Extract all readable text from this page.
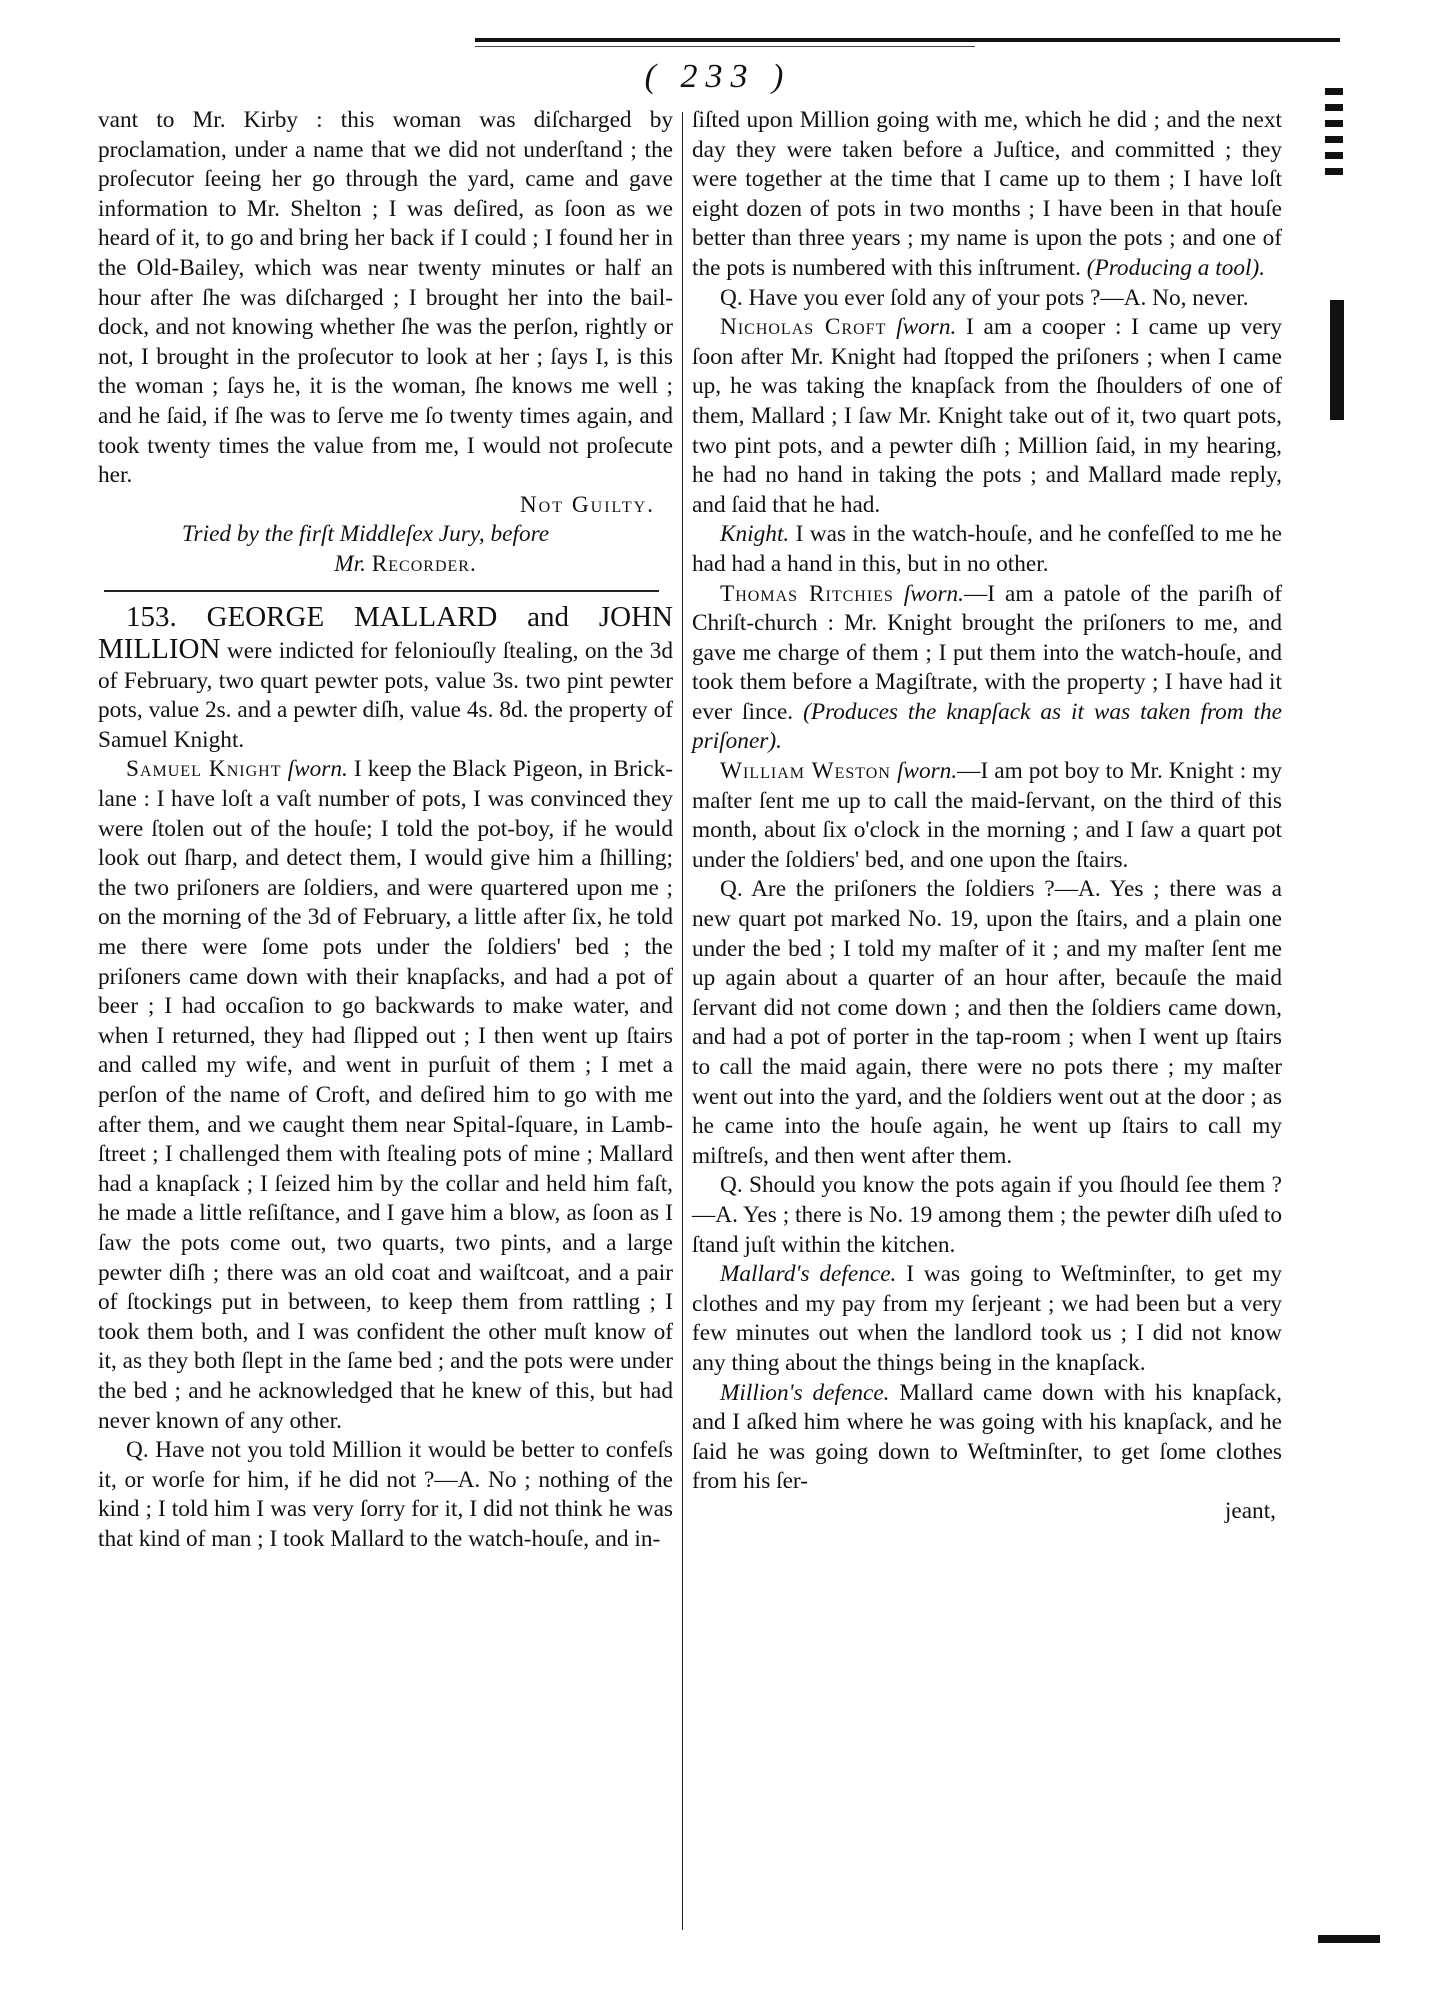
( 233 )

vant to Mr. Kirby : this woman was diſcharged by proclamation, under a name that we did not underſtand ; the proſecutor ſeeing her go through the yard, came and gave information to Mr. Shelton ; I was deſired, as ſoon as we heard of it, to go and bring her back if I could ; I found her in the Old-Bailey, which was near twenty minutes or half an hour after ſhe was diſcharged ; I brought her into the bail-dock, and not knowing whether ſhe was the perſon, rightly or not, I brought in the proſecutor to look at her ; ſays I, is this the woman ; ſays he, it is the woman, ſhe knows me well ; and he ſaid, if ſhe was to ſerve me ſo twenty times again, and took twenty times the value from me, I would not proſecute her.

Not Guilty.

Tried by the firſt Middleſex Jury, before

Mr. Recorder.

153. GEORGE MALLARD and JOHN MILLION were indicted for feloniouſly ſtealing, on the 3d of February, two quart pewter pots, value 3s. two pint pewter pots, value 2s. and a pewter diſh, value 4s. 8d. the property of Samuel Knight.

Samuel Knight ſworn. I keep the Black Pigeon, in Brick-lane : I have loſt a vaſt number of pots, I was convinced they were ſtolen out of the houſe; I told the pot-boy, if he would look out ſharp, and detect them, I would give him a ſhilling; the two priſoners are ſoldiers, and were quartered upon me ; on the morning of the 3d of February, a little after ſix, he told me there were ſome pots under the ſoldiers' bed ; the priſoners came down with their knapſacks, and had a pot of beer ; I had occaſion to go backwards to make water, and when I returned, they had ſlipped out ; I then went up ſtairs and called my wife, and went in purſuit of them ; I met a perſon of the name of Croft, and deſired him to go with me after them, and we caught them near Spital-ſquare, in Lamb-ſtreet ; I challenged them with ſtealing pots of mine ; Mallard had a knapſack ; I ſeized him by the collar and held him faſt, he made a little reſiſtance, and I gave him a blow, as ſoon as I ſaw the pots come out, two quarts, two pints, and a large pewter diſh ; there was an old coat and waiſtcoat, and a pair of ſtockings put in between, to keep them from rattling ; I took them both, and I was confident the other muſt know of it, as they both ſlept in the ſame bed ; and the pots were under the bed ; and he acknowledged that he knew of this, but had never known of any other.

Q. Have not you told Million it would be better to confeſs it, or worſe for him, if he did not ?—A. No ; nothing of the kind ; I told him I was very ſorry for it, I did not think he was that kind of man ; I took Mallard to the watch-houſe, and in-

ſiſted upon Million going with me, which he did ; and the next day they were taken before a Juſtice, and committed ; they were together at the time that I came up to them ; I have loſt eight dozen of pots in two months ; I have been in that houſe better than three years ; my name is upon the pots ; and one of the pots is numbered with this inſtrument. (Producing a tool).

Q. Have you ever ſold any of your pots ?—A. No, never.

Nicholas Croft ſworn. I am a cooper : I came up very ſoon after Mr. Knight had ſtopped the priſoners ; when I came up, he was taking the knapſack from the ſhoulders of one of them, Mallard ; I ſaw Mr. Knight take out of it, two quart pots, two pint pots, and a pewter diſh ; Million ſaid, in my hearing, he had no hand in taking the pots ; and Mallard made reply, and ſaid that he had.

Knight. I was in the watch-houſe, and he confeſſed to me he had had a hand in this, but in no other.

Thomas Ritchies ſworn.—I am a patole of the pariſh of Chriſt-church : Mr. Knight brought the priſoners to me, and gave me charge of them ; I put them into the watch-houſe, and took them before a Magiſtrate, with the property ; I have had it ever ſince. (Produces the knapſack as it was taken from the priſoner).

William Weston ſworn.—I am pot boy to Mr. Knight : my maſter ſent me up to call the maid-ſervant, on the third of this month, about ſix o'clock in the morning ; and I ſaw a quart pot under the ſoldiers' bed, and one upon the ſtairs.

Q. Are the priſoners the ſoldiers ?—A. Yes ; there was a new quart pot marked No. 19, upon the ſtairs, and a plain one under the bed ; I told my maſter of it ; and my maſter ſent me up again about a quarter of an hour after, becauſe the maid ſervant did not come down ; and then the ſoldiers came down, and had a pot of porter in the tap-room ; when I went up ſtairs to call the maid again, there were no pots there ; my maſter went out into the yard, and the ſoldiers went out at the door ; as he came into the houſe again, he went up ſtairs to call my miſtreſs, and then went after them.

Q. Should you know the pots again if you ſhould ſee them ?—A. Yes ; there is No. 19 among them ; the pewter diſh uſed to ſtand juſt within the kitchen.

Mallard's defence. I was going to Weſtminſter, to get my clothes and my pay from my ſerjeant ; we had been but a very few minutes out when the landlord took us ; I did not know any thing about the things being in the knapſack.

Million's defence. Mallard came down with his knapſack, and I aſked him where he was going with his knapſack, and he ſaid he was going down to Weſtminſter, to get ſome clothes from his ſer-

jeant,
